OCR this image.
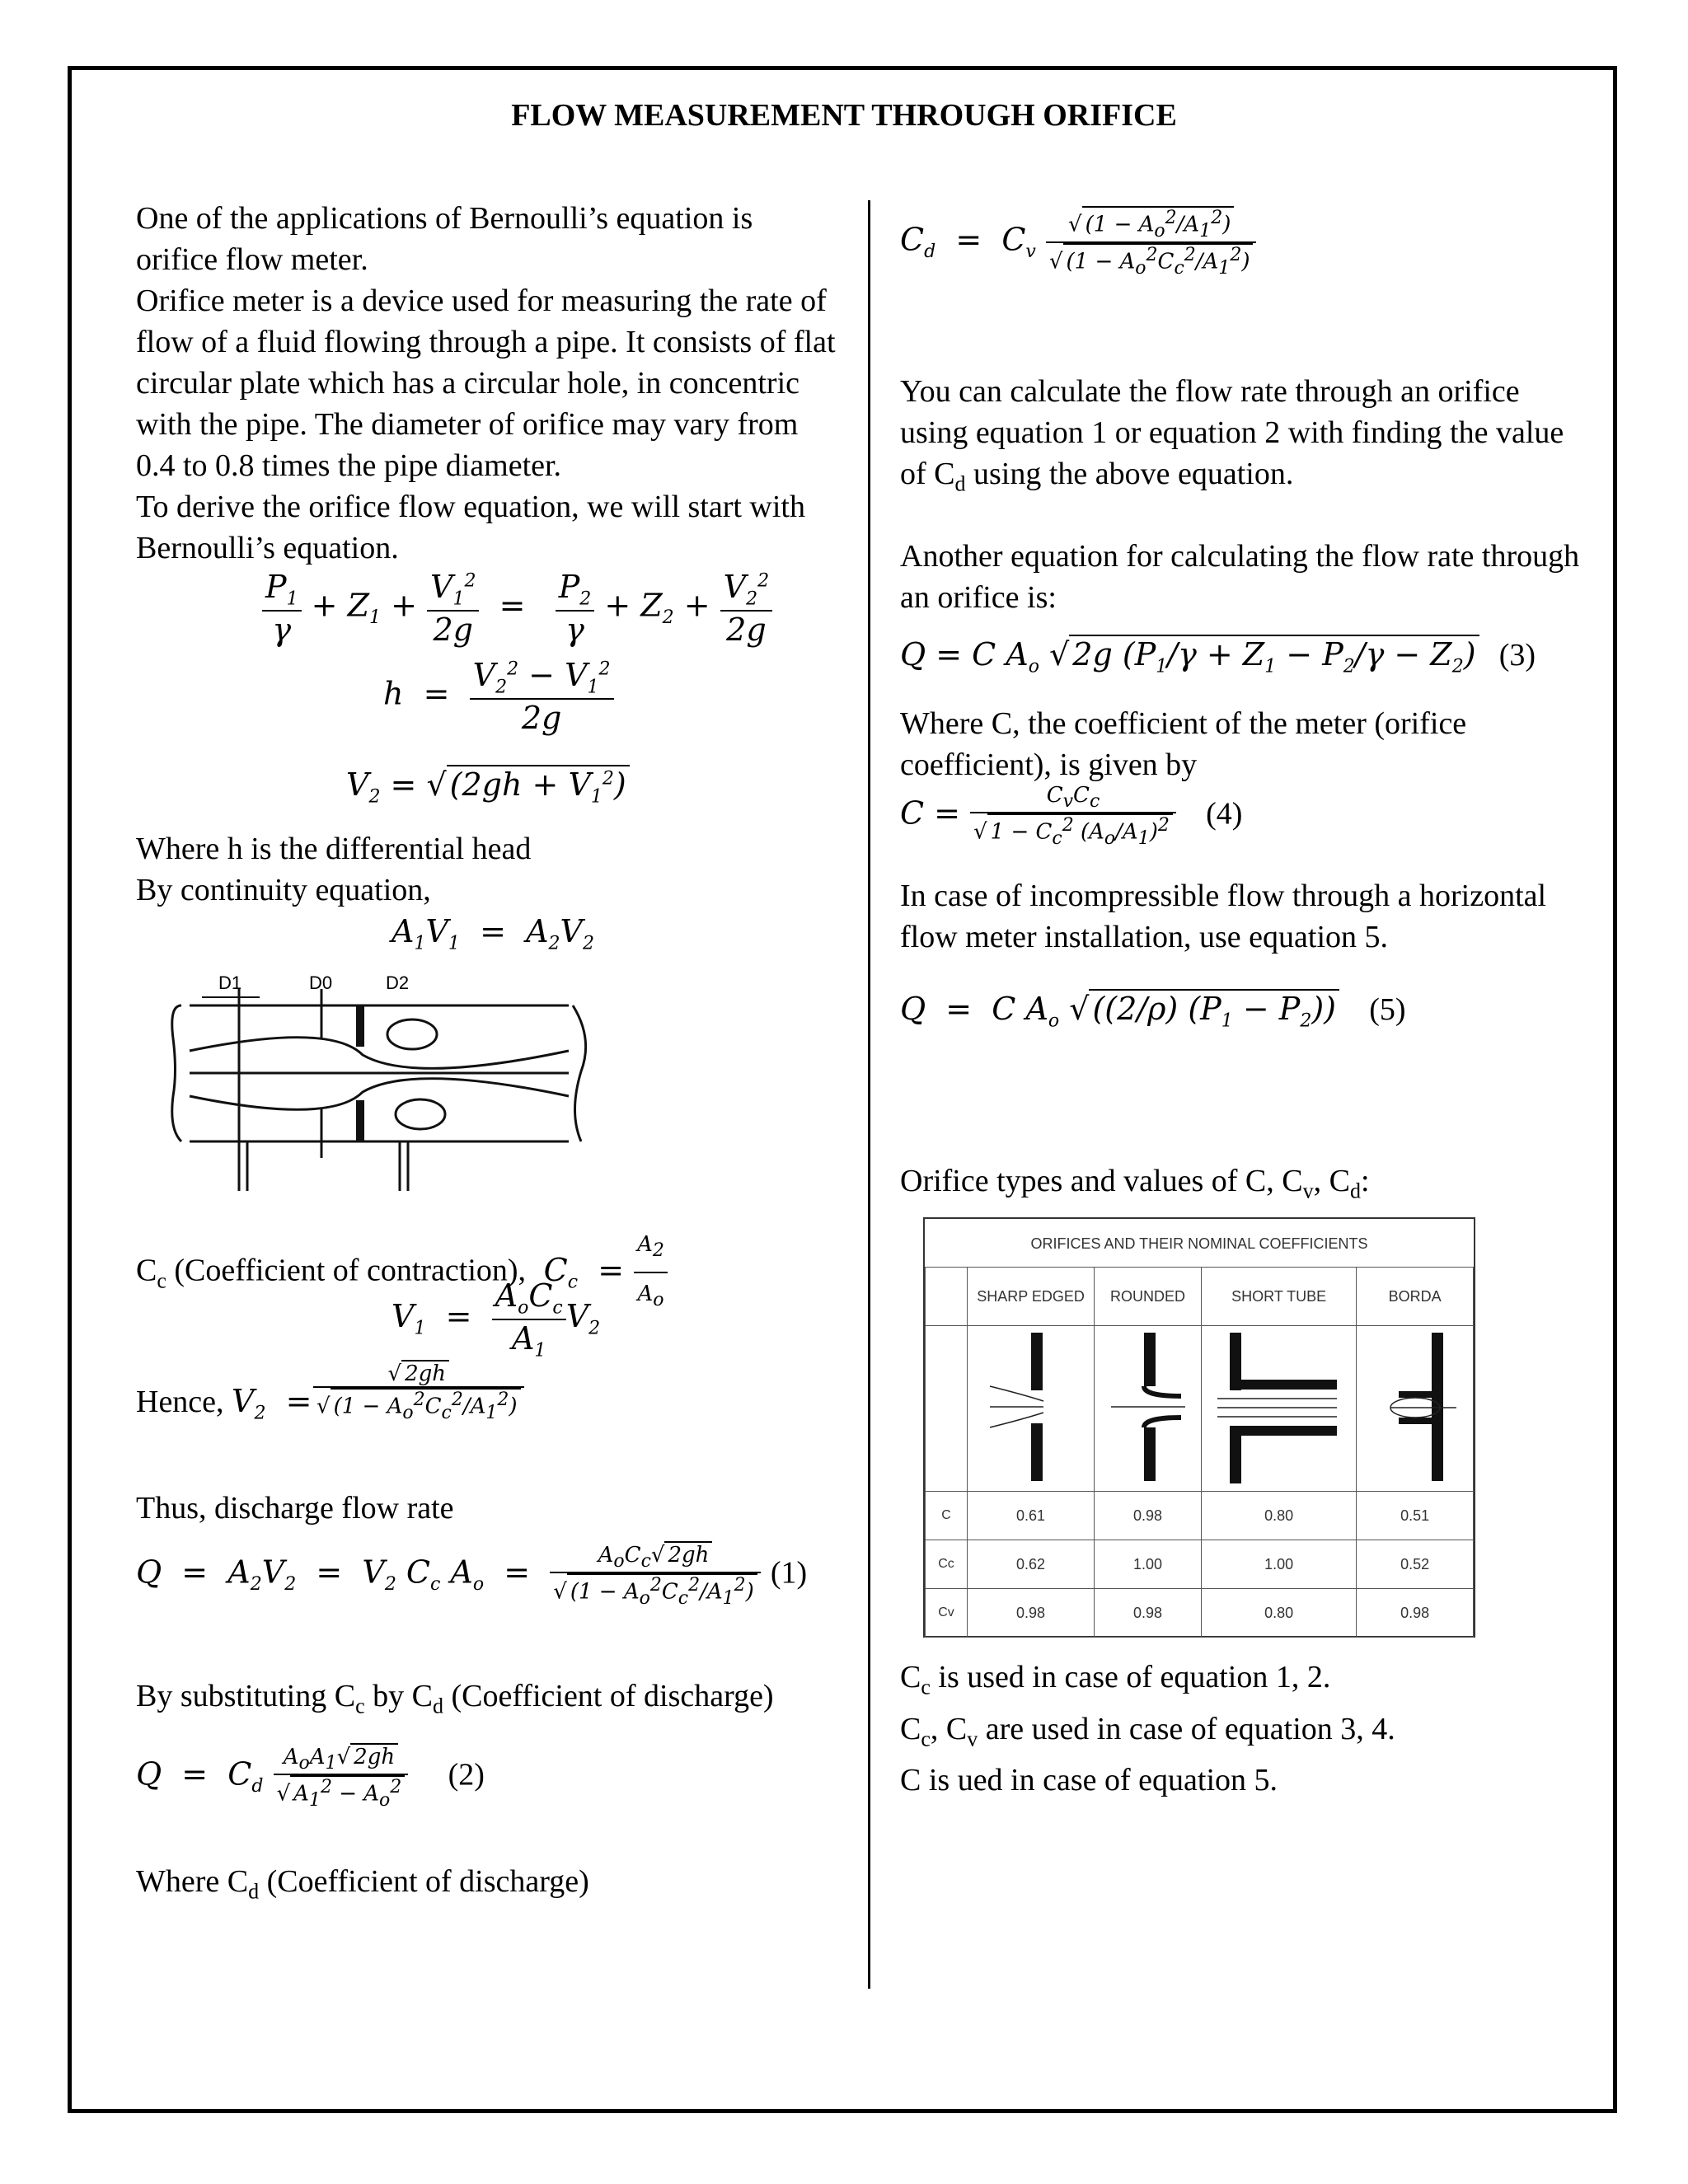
FLOW MEASUREMENT THROUGH ORIFICE

One of the applications of Bernoulli’s equation is orifice flow meter.

Orifice meter is a device used for measuring the rate of flow of a fluid flowing through a pipe. It consists of flat circular plate which has a circular hole, in concentric with the pipe. The diameter of orifice may vary from 0.4 to 0.8 times the pipe diameter.

To derive the orifice flow equation, we will start with Bernoulli’s equation.

$\frac{P_1}{\gamma} + Z_1 + \frac{V_1^2}{2g} = \frac{P_2}{\gamma} + Z_2 + \frac{V_2^2}{2g}$
$h = \frac{V_2^2 - V_1^2}{2g}$
$V_2$ = √ $(2gh + V_1^2)$
Where h is the differential head
By continuity equation,
$A_1V_1 = A_2V_2$
D1	D0	D2
$C_c$ (Coefficient of contraction),  $C_c = \frac{A_2}{A_o}$
$V_1 = \frac{A_oC_c}{A_1} V_2$
Hence, $V_2 = \frac{√ 2gh}{√ (1 - A_o^2C_c^2/A_1^2)}$
Thus, discharge flow rate
$Q = A_2V_2 = V_2$ $C_c$ $A_o = \frac{A_oC_c√ 2gh}{√ (1 - A_o^2C_c^2/A_1^2)} (1)$
By substituting $C_c$ by $C_d$ (Coefficient of discharge)
$Q = C_d \frac{A_oA_1√ 2gh}{√ A_1^2 - A_o^2} (2)$
Where $C_d$ (Coefficient of discharge)
$C_d = C_v \frac{√ (1 - A_o^2/A_1^2)}{√ (1 - A_o^2C_c^2/A_1^2)}$

You can calculate the flow rate through an orifice using equation 1 or equation 2 with finding the value of $C_d$ using the above equation.

Another equation for calculating the flow rate through an orifice is:

Q = C $A_o$ √ 2g $(P_1/\gamma + Z_1 - P_2/\gamma - Z_2)$ (3)

Where C, the coefficient of the meter (orifice coefficient), is given by

$C = \frac{C_vC_c}{√ 1 - C_c^2 (A_o/A_1)^2} (4)$

In case of incompressible flow through a horizontal flow meter installation, use equation 5.

Q  =  C $A_o$ √ ((2/ρ) $(P_1 - P_2)$) (5)
Orifice types and values of C, $C_v$, $C_d$:
ORIFICES AND THEIR NOMINAL COEFFICIENTS
	SHARP EDGED	ROUNDED	SHORT TUBE	BORDA

C	0.61	0.98	0.80	0.51
Cc	0.62	1.00	1.00	0.52
Cv	0.98	0.98	0.80	0.98

$C_c$ is used in case of equation 1, 2.

$C_c$, $C_v$ are used in case of equation 3, 4.

C is ued in case of equation 5.
